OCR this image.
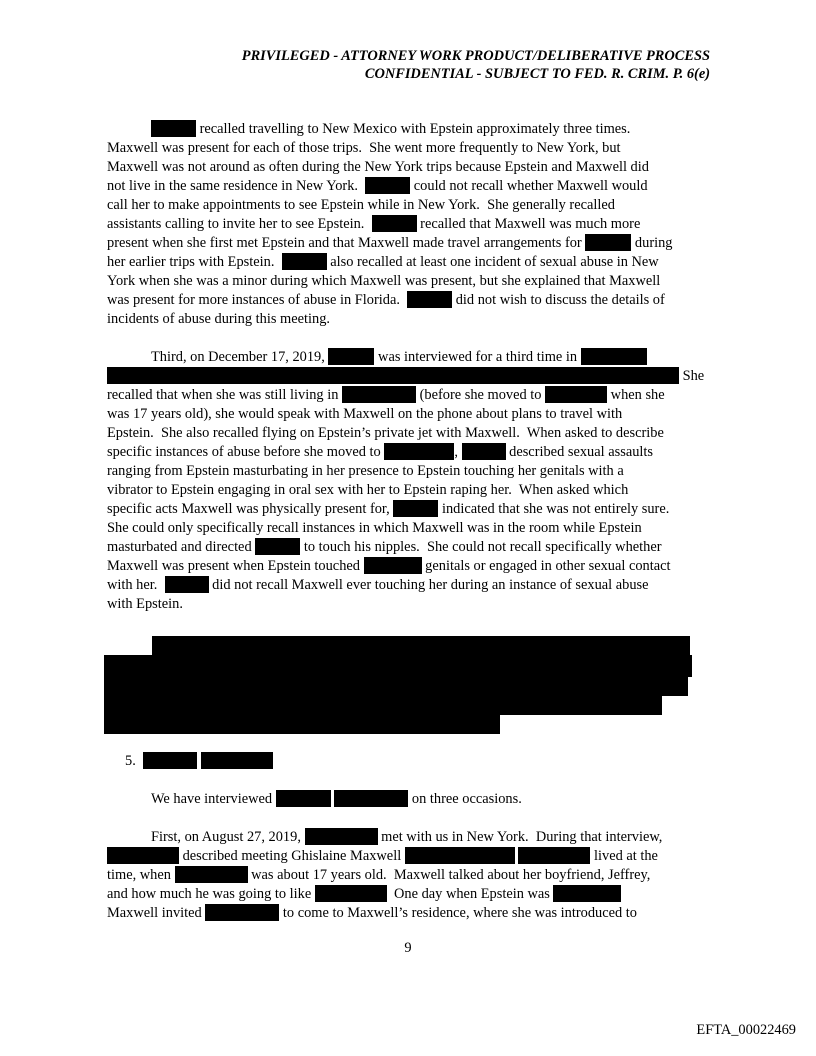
PRIVILEGED - ATTORNEY WORK PRODUCT/DELIBERATIVE PROCESS
CONFIDENTIAL - SUBJECT TO FED. R. CRIM. P. 6(e)
recalled travelling to New Mexico with Epstein approximately three times.
Maxwell was present for each of those trips.  She went more frequently to New York, but
Maxwell was not around as often during the New York trips because Epstein and Maxwell did
not live in the same residence in New York.	could not recall whether Maxwell would
call her to make appointments to see Epstein while in New York.  She generally recalled
assistants calling to invite her to see Epstein.	recalled that Maxwell was much more
present when she first met Epstein and that Maxwell made travel arrangements for	during
her earlier trips with Epstein.	also recalled at least one incident of sexual abuse in New
York when she was a minor during which Maxwell was present, but she explained that Maxwell
was present for more instances of abuse in Florida.	did not wish to discuss the details of
incidents of abuse during this meeting.
Third, on December 17, 2019,	was interviewed for a third time in
She
recalled that when she was still living in	(before she moved to	when she
was 17 years old), she would speak with Maxwell on the phone about plans to travel with
Epstein.  She also recalled flying on Epstein’s private jet with Maxwell.  When asked to describe
specific instances of abuse before she moved to	,	described sexual assaults
ranging from Epstein masturbating in her presence to Epstein touching her genitals with a
vibrator to Epstein engaging in oral sex with her to Epstein raping her.  When asked which
specific acts Maxwell was physically present for,	indicated that she was not entirely sure.
She could only specifically recall instances in which Maxwell was in the room while Epstein
masturbated and directed	to touch his nipples.  She could not recall specifically whether
Maxwell was present when Epstein touched	genitals or engaged in other sexual contact
with her.	did not recall Maxwell ever touching her during an instance of sexual abuse
with Epstein.
5.
We have interviewed	on three occasions.
First, on August 27, 2019,	met with us in New York.  During that interview,
described meeting Ghislaine Maxwell	lived at the
time, when	was about 17 years old.  Maxwell talked about her boyfriend, Jeffrey,
and how much he was going to like	One day when Epstein was
Maxwell invited	to come to Maxwell’s residence, where she was introduced to
9
EFTA_00022469
